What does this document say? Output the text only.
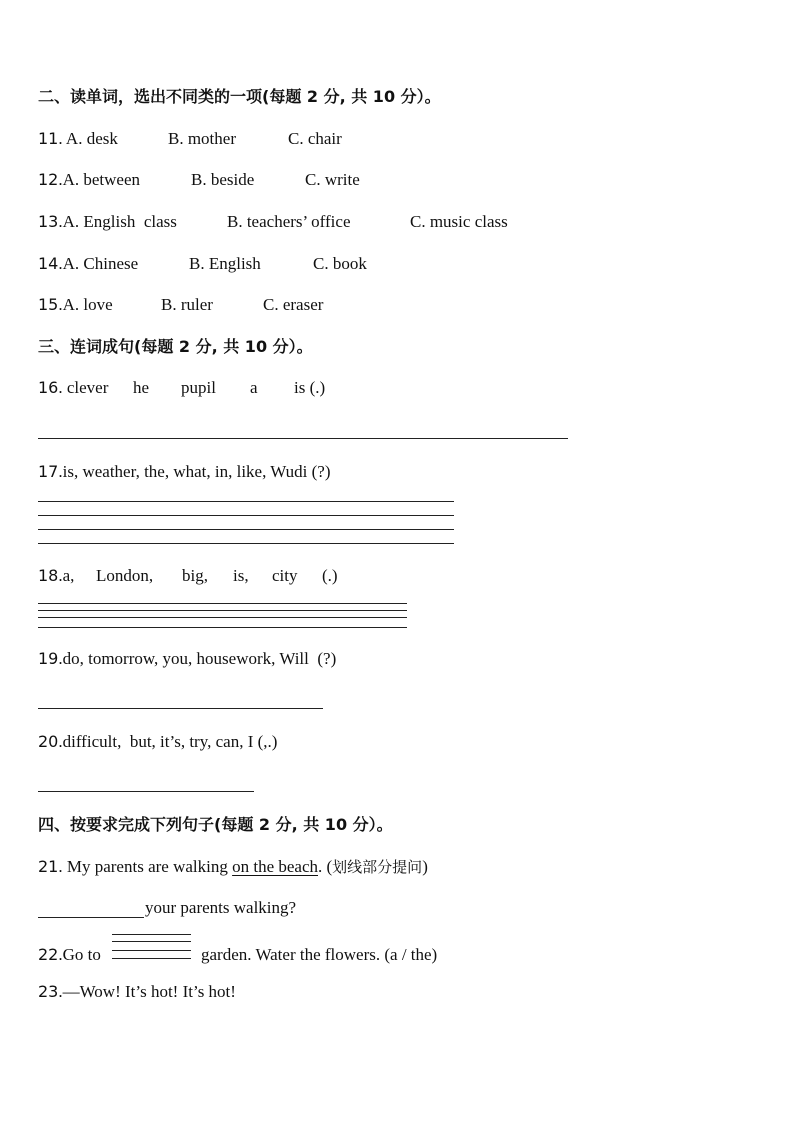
二、读单词，选出不同类的一项(每题 2 分, 共 10 分）。
11. A. desk	B. mother	C. chair
12.A. between	B. beside	C. write
13.A. English  class	B. teachers’ office	C. music class
14.A. Chinese	B. English	C. book
15.A. love	B. ruler	C. eraser
三、连词成句(每题 2 分, 共 10 分）。
16. clever he pupil a is (.)
17.is, weather, the, what, in, like, Wudi (?)
18.a, London, big, is, city (.)
19.do, tomorrow, you, housework, Will  (?)
20.difficult,  but, it’s, try, can, I (,.)
四、按要求完成下列句子(每题 2 分, 共 10 分）。
21. My parents are walking on the beach. (划线部分提问)
your parents walking?
22.Go to	garden. Water the flowers. (a / the)
23.—Wow! It’s hot! It’s hot!
